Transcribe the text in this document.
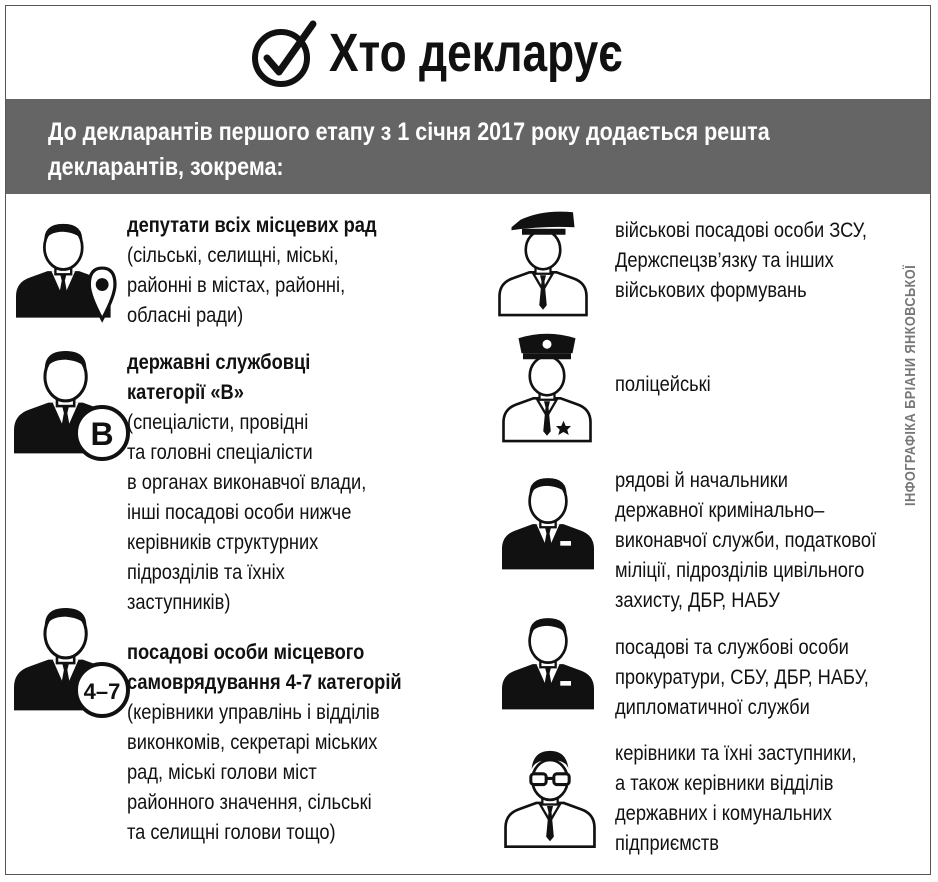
Хто декларує
До декларантів першого етапу з 1 січня 2017 року додається решта декларантів, зокрема:
депутати всіх місцевих рад
(сільські, селищні, міські,
районні в містах, районні,
обласні ради)
В
державні службовці
категорії «В»
(спеціалісти, провідні
та головні спеціалісти
в органах виконавчої влади,
інші посадові особи нижче
керівників структурних
підрозділів та їхніх
заступників)
4–7
посадові особи місцевого
самоврядування 4-7 категорій
(керівники управлінь і відділів
виконкомів, секретарі міських
рад, міські голови міст
районного значення, сільські
та селищні голови тощо)
військові посадові особи ЗСУ,
Держспецзв’язку та інших
військових формувань
поліцейські
рядові й начальники
державної кримінально–
виконавчої служби, податкової
міліції, підрозділів цивільного
захисту, ДБР, НАБУ
посадові та службові особи
прокуратури, СБУ, ДБР, НАБУ,
дипломатичної служби
керівники та їхні заступники,
а також керівники відділів
державних і комунальних
підприємств
ІНФОГРАФІКА БРІАНИ ЯНКОВСЬКОЇ
